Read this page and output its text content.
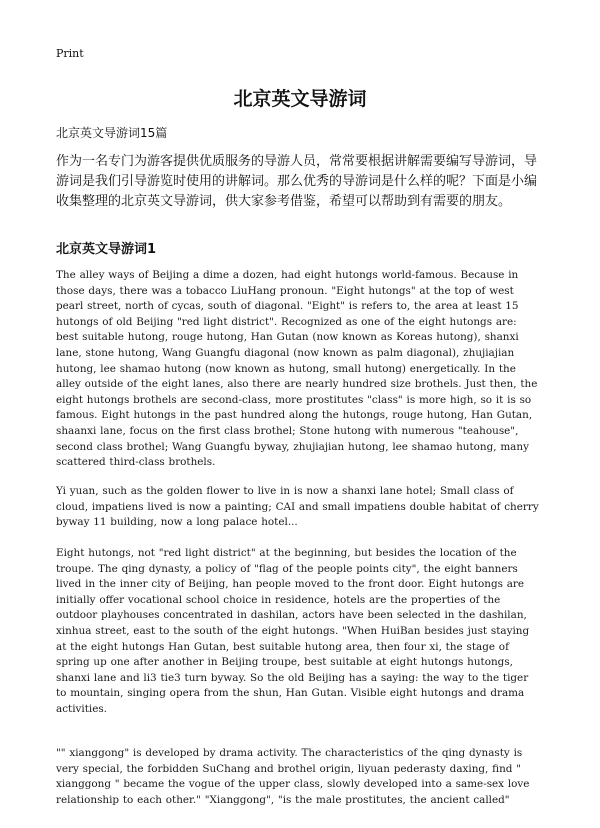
Print
北京英文导游词
北京英文导游词15篇

作为一名专门为游客提供优质服务的导游人员，常常要根据讲解需要编写导游词，导游词是我们引导游览时使用的讲解词。那么优秀的导游词是什么样的呢？下面是小编收集整理的北京英文导游词，供大家参考借鉴，希望可以帮助到有需要的朋友。

北京英文导游词1

The alley ways of Beijing a dime a dozen, had eight hutongs world-famous. Because in those days, there was a tobacco LiuHang pronoun. "Eight hutongs" at the top of west pearl street, north of cycas, south of diagonal. "Eight" is refers to, the area at least 15 hutongs of old Beijing "red light district". Recognized as one of the eight hutongs are: best suitable hutong, rouge hutong, Han Gutan (now known as Koreas hutong), shanxi lane, stone hutong, Wang Guangfu diagonal (now known as palm diagonal), zhujiajian hutong, lee shamao hutong (now known as hutong, small hutong) energetically. In the alley outside of the eight lanes, also there are nearly hundred size brothels. Just then, the eight hutongs brothels are second-class, more prostitutes "class" is more high, so it is so famous. Eight hutongs in the past hundred along the hutongs, rouge hutong, Han Gutan, shaanxi lane, focus on the first class brothel; Stone hutong with numerous "teahouse", second class brothel; Wang Guangfu byway, zhujiajian hutong, lee shamao hutong, many scattered third-class brothels.

Yi yuan, such as the golden flower to live in is now a shanxi lane hotel; Small class of cloud, impatiens lived is now a painting; CAI and small impatiens double habitat of cherry byway 11 building, now a long palace hotel...

Eight hutongs, not "red light district" at the beginning, but besides the location of the troupe. The qing dynasty, a policy of "flag of the people points city", the eight banners lived in the inner city of Beijing, han people moved to the front door. Eight hutongs are initially offer vocational school choice in residence, hotels are the properties of the outdoor playhouses concentrated in dashilan, actors have been selected in the dashilan, xinhua street, east to the south of the eight hutongs. "When HuiBan besides just staying at the eight hutongs Han Gutan, best suitable hutong area, then four xi, the stage of spring up one after another in Beijing troupe, best suitable at eight hutongs hutongs, shanxi lane and li3 tie3 turn byway. So the old Beijing has a saying: the way to the tiger to mountain, singing opera from the shun, Han Gutan. Visible eight hutongs and drama activities.

"" xianggong" is developed by drama activity. The characteristics of the qing dynasty is very special, the forbidden SuChang and brothel origin, liyuan pederasty daxing, find " xianggong " became the vogue of the upper class, slowly developed into a same-sex love relationship to each other." "Xianggong", "is the male prostitutes, the ancient called"
